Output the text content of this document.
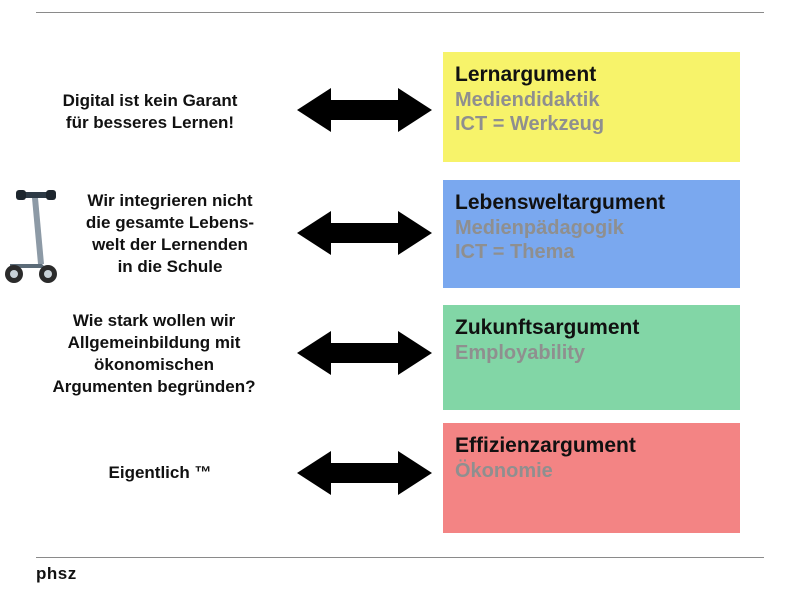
Digital ist kein Garant
für besseres Lernen!
Lernargument
Mediendidaktik
ICT = Werkzeug
Wir integrieren nicht
die gesamte Lebens-
welt der Lernenden
in die Schule
Lebensweltargument
Medienpädagogik
ICT = Thema
Wie stark wollen wir
Allgemeinbildung mit
ökonomischen
Argumenten begründen?
Zukunftsargument
Employability
Eigentlich ™
Effizienzargument
Ökonomie
phsz
